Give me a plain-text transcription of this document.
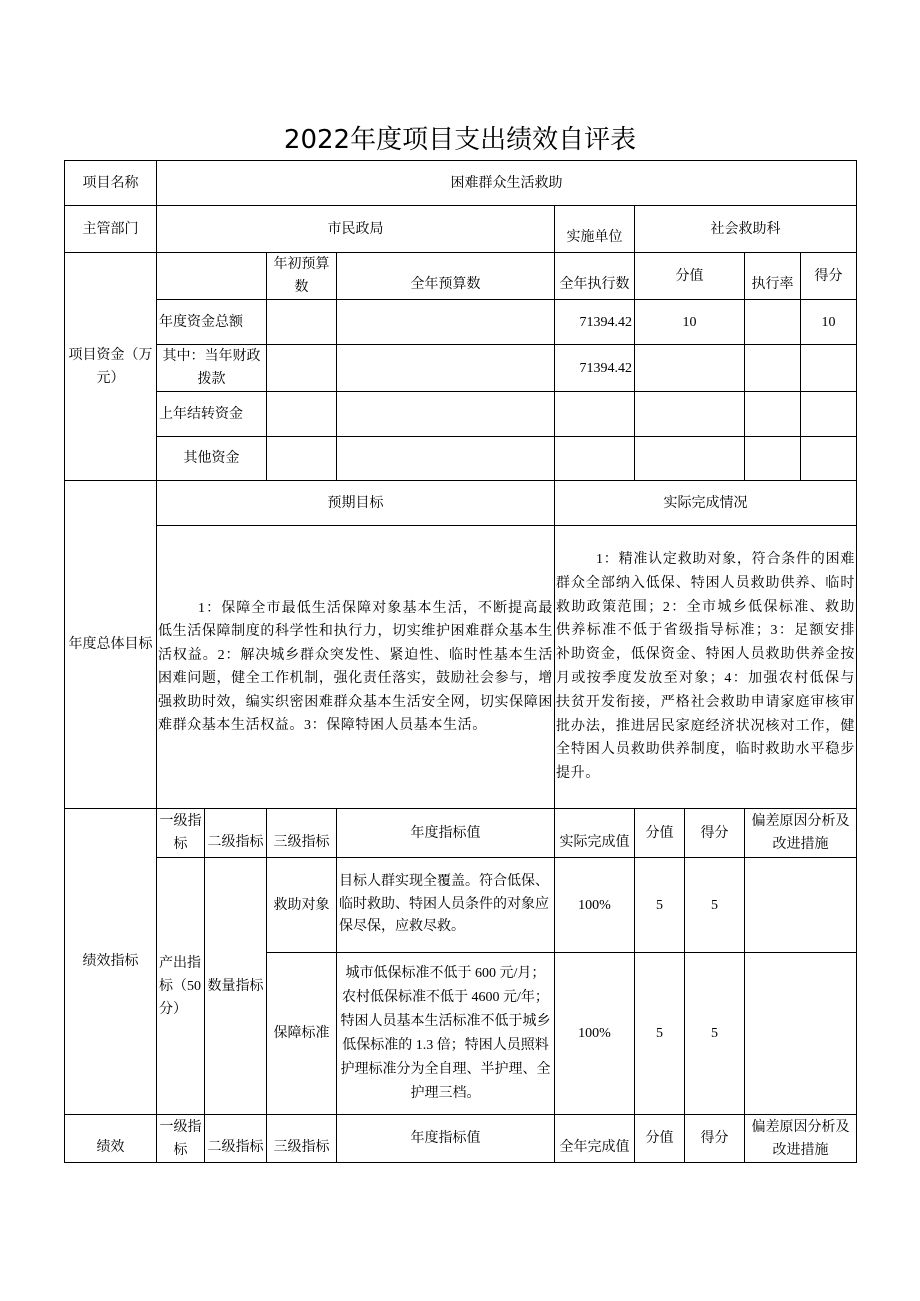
2022年度项目支出绩效自评表
项目名称	困难群众生活救助								
主管部门	市民政局				实施单位	社会救助科			
项目资金（万元）			年初预算数	全年预算数	全年执行数	分值		执行率	得分
	年度资金总额				71394.42	10			10
	其中：当年财政拨款				71394.42				
	上年结转资金								
	其他资金								
年度总体目标	预期目标				实际完成情况				
	1：保障全市最低生活保障对象基本生活，不断提高最低生活保障制度的科学性和执行力，切实维护困难群众基本生活权益。2：解决城乡群众突发性、紧迫性、临时性基本生活困难问题，健全工作机制，强化责任落实，鼓励社会参与，增强救助时效，编实织密困难群众基本生活安全网，切实保障困难群众基本生活权益。3：保障特困人员基本生活。				1：精准认定救助对象，符合条件的困难群众全部纳入低保、特困人员救助供养、临时救助政策范围；2：全市城乡低保标准、救助供养标准不低于省级指导标准；3：足额安排补助资金，低保资金、特困人员救助供养金按月或按季度发放至对象；4：加强农村低保与扶贫开发衔接，严格社会救助申请家庭审核审批办法，推进居民家庭经济状况核对工作，健全特困人员救助供养制度，临时救助水平稳步提升。				
绩效指标	一级指标	二级指标	三级指标	年度指标值	实际完成值	分值	得分	偏差原因分析及改进措施	
	产出指标（50分）	数量指标	救助对象	目标人群实现全覆盖。符合低保、临时救助、特困人员条件的对象应保尽保，应救尽救。	100%	5	5		
			保障标准	城市低保标准不低于 600 元/月；农村低保标准不低于 4600 元/年；特困人员基本生活标准不低于城乡低保标准的 1.3 倍；特困人员照料护理标准分为全自理、半护理、全护理三档。	100%	5	5		
绩效	一级指标	二级指标	三级指标	年度指标值	全年完成值	分值	得分	偏差原因分析及改进措施	
